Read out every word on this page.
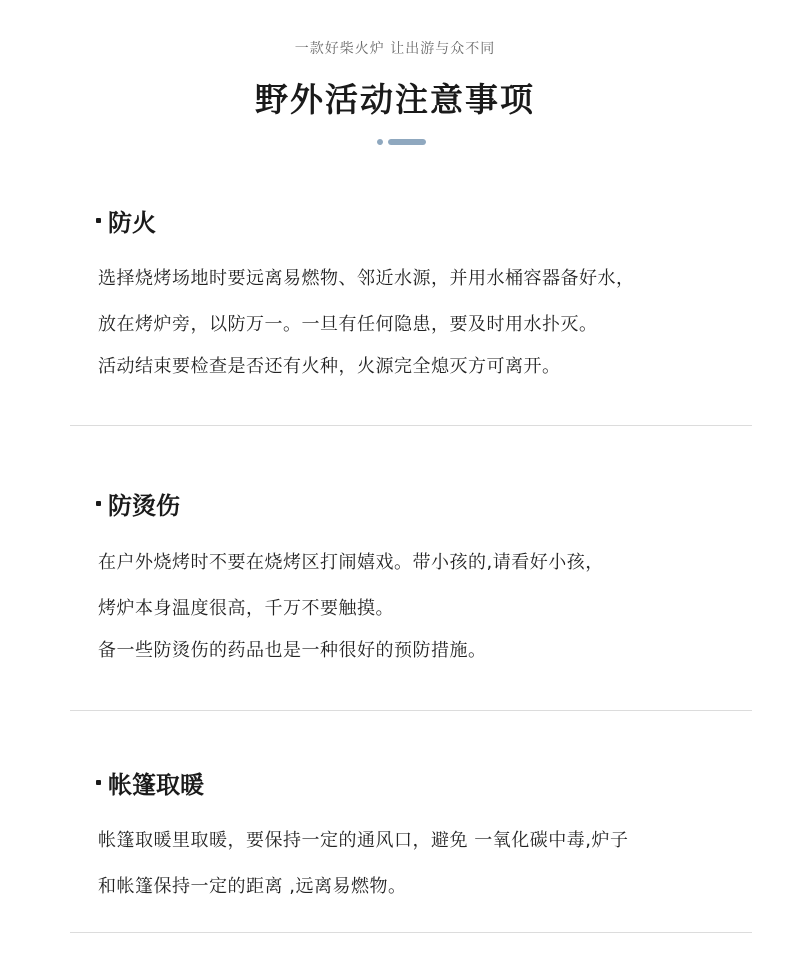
一款好柴火炉 让出游与众不同
野外活动注意事项
防火
选择烧烤场地时要远离易燃物、邻近水源，并用水桶容器备好水，
放在烤炉旁，以防万一。一旦有任何隐患，要及时用水扑灭。
活动结束要检查是否还有火种，火源完全熄灭方可离开。
防烫伤
在户外烧烤时不要在烧烤区打闹嬉戏。带小孩的,请看好小孩，
烤炉本身温度很高，千万不要触摸。
备一些防烫伤的药品也是一种很好的预防措施。
帐篷取暖
帐篷取暖里取暖，要保持一定的通风口，避免 一氧化碳中毒,炉子
和帐篷保持一定的距离 ,远离易燃物。
